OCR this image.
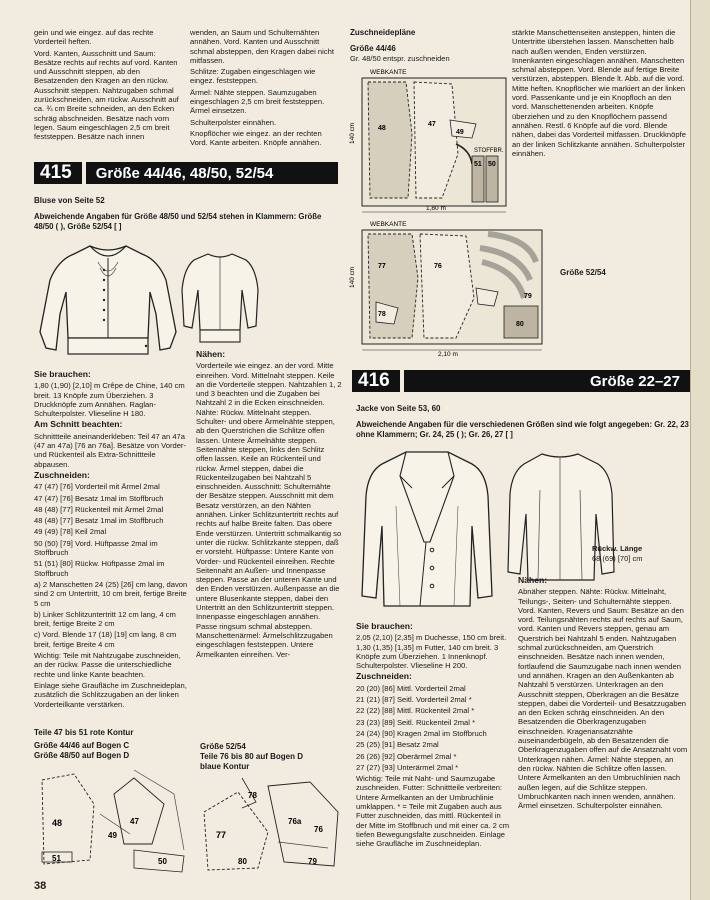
gein und wie eingez. auf das rechte Vorderteil heften.

Vord. Kanten, Ausschnitt und Saum: Besätze rechts auf rechts auf vord. Kanten und Ausschnitt steppen, ab den Besatzenden den Kragen an den rückw. Ausschnitt steppen. Nahtzugaben schmal zurückschneiden, am rückw. Ausschnitt auf ca. ¾ cm Breite schneiden, an den Ecken schräg abschneiden. Besätze nach vorn legen. Saum eingeschlagen 2,5 cm breit feststeppen. Besätze nach innen

wenden, an Saum und Schulternähten annähen. Vord. Kanten und Ausschnitt schmal absteppen, den Kragen dabei nicht mitfassen.

Schlitze: Zugaben eingeschlagen wie eingez. feststeppen.

Ärmel: Nähte steppen. Saumzugaben eingeschlagen 2,5 cm breit feststeppen. Ärmel einsetzen.

Schulterpolster einnähen.

Knopflöcher wie eingez. an der rechten Vord. Kante arbeiten. Knöpfe annähen.

415	Größe 44/46, 48/50, 52/54
Bluse von Seite 52
Abweichende Angaben für Größe 48/50 und 52/54 stehen in Klammern: Größe 48/50 ( ), Größe 52/54 [ ]

Sie brauchen:

1,80 (1,90) [2,10] m Crêpe de Chine, 140 cm breit. 13 Knöpfe zum Überziehen. 3 Druckknöpfe zum Annähen. Raglan-Schulterpolster. Vlieseline H 180.

Am Schnitt beachten:

Schnittteile aneinanderkleben: Teil 47 an 47a (47 an 47a) [76 an 76a]. Besätze von Vorder- und Rückenteil als Extra-Schnittteile abpausen.

Zuschneiden:

47 (47) [76] Vorderteil mit Ärmel 2mal

47 (47) [76] Besatz 1mal im Stoffbruch

48 (48) [77] Rückenteil mit Ärmel 2mal

48 (48) [77] Besatz 1mal im Stoffbruch

49 (49) [78] Keil 2mal

50 (50) [79] Vord. Hüftpasse 2mal im Stoffbruch

51 (51) [80] Rückw. Hüftpasse 2mal im Stoffbruch

a) 2 Manschetten 24 (25) [26] cm lang, davon sind 2 cm Untertritt, 10 cm breit, fertige Breite 5 cm

b) Linker Schlitzuntertritt 12 cm lang, 4 cm breit, fertige Breite 2 cm

c) Vord. Blende 17 (18) [19] cm lang, 8 cm breit, fertige Breite 4 cm

Wichtig: Teile mit Nahtzugabe zuschneiden, an der rückw. Passe die unterschiedliche rechte und linke Kante beachten.

Einlage siehe Graufläche im Zuschneideplan, zusätzlich die Schlitzzugaben an der linken Vorderteilkante verstärken.

Nähen:

Vorderteile wie eingez. an der vord. Mitte einreihen. Vord. Mittelnaht steppen. Keile an die Vorderteile steppen. Nahtzahlen 1, 2 und 3 beachten und die Zugaben bei Nahtzahl 2 in die Ecken einschneiden. Nähte: Rückw. Mittelnaht steppen. Schulter- und obere Ärmelnähte steppen, ab den Querstrichen die Schlitze offen lassen. Untere Ärmelnähte steppen. Seitennähte steppen, links den Schlitz offen lassen. Keile an Rückenteil und rückw. Ärmel steppen, dabei die Rückenteilzugaben bei Nahtzahl 5 einschneiden. Ausschnitt: Schulternähte der Besätze steppen. Ausschnitt mit dem Besatz verstürzen, an den Nähten annähen. Linker Schlitzuntertritt rechts auf rechts auf halbe Breite falten. Das obere Ende verstürzen. Untertritt schmalkantig so unter die rückw. Schlitzkante steppen, daß er vorsteht. Hüftpasse: Untere Kante von Vorder- und Rückenteil einreihen. Rechte Seitennaht an Außen- und Innenpasse steppen. Passe an der unteren Kante und den Enden verstürzen. Außenpasse an die untere Blusenkante steppen, dabei den Untertritt an den Schlitzuntertritt steppen. Innenpasse eingeschlagen annähen. Passe ringsum schmal absteppen. Manschettenärmel: Ärmelschlitzzugaben eingeschlagen feststeppen. Untere Ärmelkanten einreihen. Ver-

Teile 47 bis 51 rote Kontur
Größe 44/46 auf Bogen C
Größe 48/50 auf Bogen D
Größe 52/54
Teile 76 bis 80 auf Bogen D
blaue Kontur
48	47
49
50
51
77
76a
76
78
80	79
Zuschneidepläne
Größe 44/46
Gr. 48/50 entspr. zuschneiden
WEBKANTE
140 cm	48
47
49
STOFFBR.
51 50
1,80 m
WEBKANTE
140 cm
77	76
78
79
80
2,10 m
Größe 52/54

stärkte Manschettenseiten ansteppen, hinten die Untertritte überstehen lassen. Manschetten halb nach außen wenden, Enden verstürzen. Innenkanten eingeschlagen annähen. Manschetten schmal absteppen. Vord. Blende auf fertige Breite verstürzen, absteppen. Blende lt. Abb. auf die vord. Mitte heften. Knopflöcher wie markiert an der linken vord. Passenkante und je ein Knopfloch an den vord. Manschettenenden arbeiten. Knöpfe überziehen und zu den Knopflöchern passend annähen. Restl. 6 Knöpfe auf die vord. Blende nähen, dabei das Vorderteil mitfassen. Druckknöpfe an der linken Schlitzkante annähen. Schulterpolster einnähen.

416	Größe 22–27
Jacke von Seite 53, 60
Abweichende Angaben für die verschiedenen Größen sind wie folgt angegeben: Gr. 22, 23 ohne Klammern; Gr. 24, 25 ( ); Gr. 26, 27 [ ]
Rückw. Länge
68 (69) [70] cm

Sie brauchen:

2,05 (2,10) [2,35] m Duchesse, 150 cm breit. 1,30 (1,35) [1,35] m Futter, 140 cm breit. 3 Knöpfe zum Überziehen. 1 Innenknopf. Schulterpolster. Vlieseline H 200.

Zuschneiden:

20 (20) [86] Mittl. Vorderteil 2mal

21 (21) [87] Seitl. Vorderteil 2mal *

22 (22) [88] Mittl. Rückenteil 2mal *

23 (23) [89] Seitl. Rückenteil 2mal *

24 (24) [90] Kragen 2mal im Stoffbruch

25 (25) [91] Besatz 2mal

26 (26) [92] Oberärmel 2mal *

27 (27) [93] Unterärmel 2mal *

Wichtig: Teile mit Naht- und Saumzugabe zuschneiden. Futter: Schnittteile verbreiten: Untere Ärmelkanten an der Umbruchlinie umklappen. * = Teile mit Zugaben auch aus Futter zuschneiden, das mittl. Rückenteil in der Mitte im Stoffbruch und mit einer ca. 2 cm tiefen Bewegungsfalte zuschneiden. Einlage siehe Graufläche im Zuschneideplan.

Nähen:

Abnäher steppen. Nähte: Rückw. Mittelnaht, Teilungs-, Seiten- und Schulternähte steppen. Vord. Kanten, Revers und Saum: Besätze an den vord. Teilungsnähten rechts auf rechts auf Saum, vord. Kanten und Revers steppen, genau am Querstrich bei Nahtzahl 5 enden. Nahtzugaben schmal zurückschneiden, am Querstrich einschneiden. Besätze nach innen wenden, fortlaufend die Saumzugabe nach innen wenden und annähen. Kragen an den Außenkanten ab Nahtzahl 5 verstürzen. Unterkragen an den Ausschnitt steppen, Oberkragen an die Besätze steppen, dabei die Vorderteil- und Besatzzugaben an den Ecken schräg einschneiden. An den Besatzenden die Oberkragenzugaben einschneiden. Kragenansatznähte auseinanderbügeln, ab den Besatzenden die Oberkragenzugaben offen auf die Ansatznaht vom Unterkragen nähen. Ärmel: Nähte steppen, an den rückw. Nähten die Schlitze offen lassen. Untere Ärmelkanten an den Umbruchlinien nach außen legen, auf die Schlitze steppen. Umbruchkanten nach innen wenden, annähen. Ärmel einsetzen. Schulterpolster einnähen.

38
